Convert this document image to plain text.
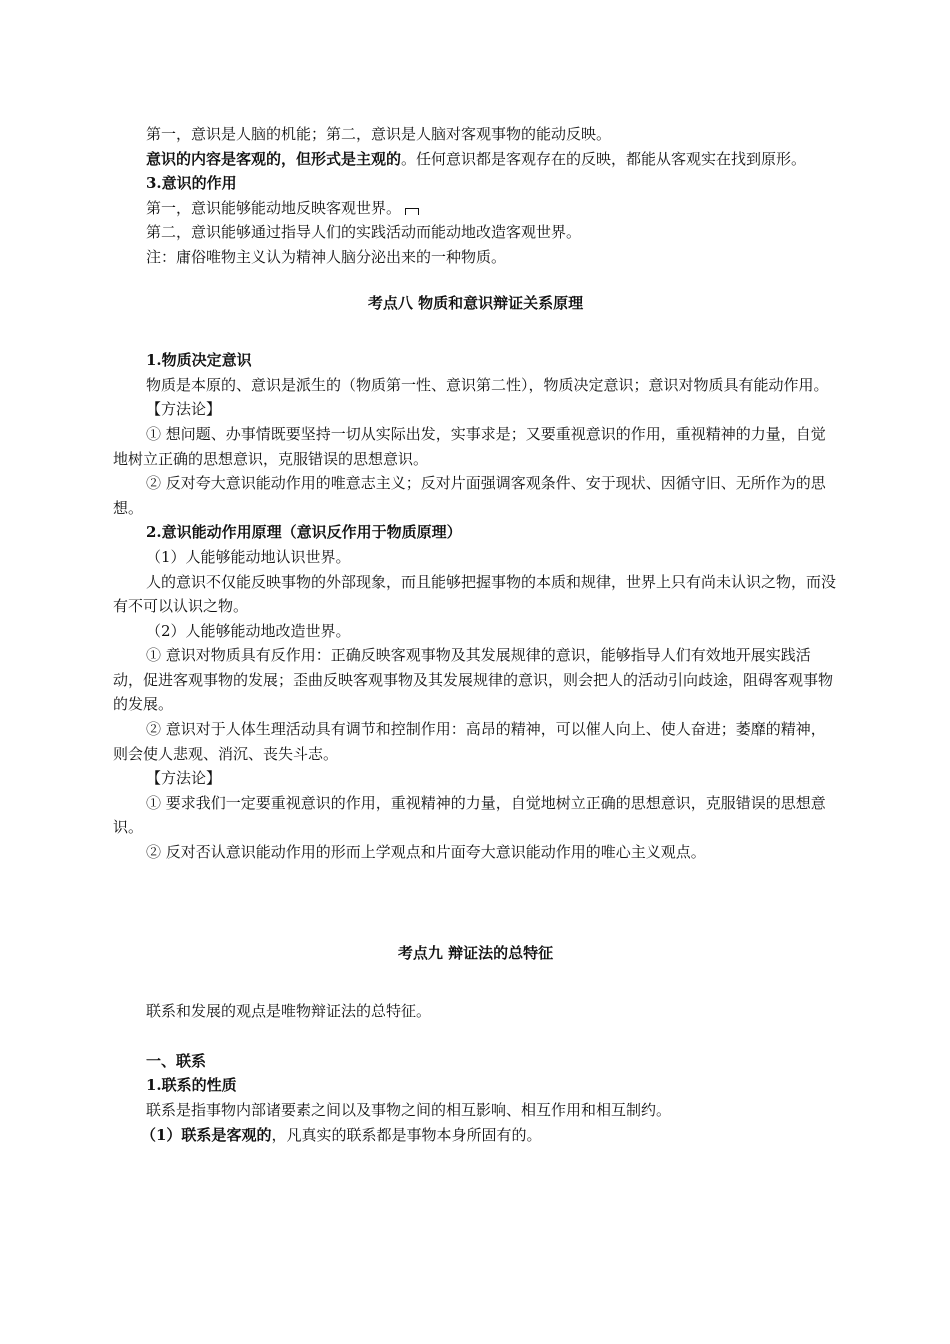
第一，意识是人脑的机能；第二，意识是人脑对客观事物的能动反映。

意识的内容是客观的，但形式是主观的。任何意识都是客观存在的反映，都能从客观实在找到原形。

3.意识的作用

第一，意识能够能动地反映客观世界。

第二，意识能够通过指导人们的实践活动而能动地改造客观世界。

注：庸俗唯物主义认为精神人脑分泌出来的一种物质。

考点八 物质和意识辩证关系原理

1.物质决定意识

物质是本原的、意识是派生的（物质第一性、意识第二性），物质决定意识；意识对物质具有能动作用。

【方法论】

① 想问题、办事情既要坚持一切从实际出发，实事求是；又要重视意识的作用，重视精神的力量，自觉地树立正确的思想意识，克服错误的思想意识。

② 反对夸大意识能动作用的唯意志主义；反对片面强调客观条件、安于现状、因循守旧、无所作为的思想。

2.意识能动作用原理（意识反作用于物质原理）

（1）人能够能动地认识世界。

人的意识不仅能反映事物的外部现象，而且能够把握事物的本质和规律，世界上只有尚未认识之物，而没有不可以认识之物。

（2）人能够能动地改造世界。

① 意识对物质具有反作用：正确反映客观事物及其发展规律的意识，能够指导人们有效地开展实践活动，促进客观事物的发展；歪曲反映客观事物及其发展规律的意识，则会把人的活动引向歧途，阻碍客观事物的发展。

② 意识对于人体生理活动具有调节和控制作用：高昂的精神，可以催人向上、使人奋进；萎靡的精神，则会使人悲观、消沉、丧失斗志。

【方法论】

① 要求我们一定要重视意识的作用，重视精神的力量，自觉地树立正确的思想意识，克服错误的思想意识。

② 反对否认意识能动作用的形而上学观点和片面夸大意识能动作用的唯心主义观点。

考点九 辩证法的总特征

联系和发展的观点是唯物辩证法的总特征。

一、联系

1.联系的性质

联系是指事物内部诸要素之间以及事物之间的相互影响、相互作用和相互制约。

（1）联系是客观的，凡真实的联系都是事物本身所固有的。
